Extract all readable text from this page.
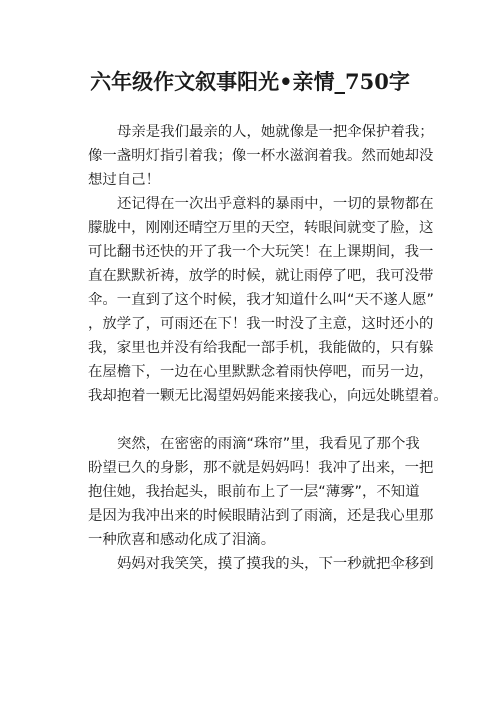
六年级作文叙事阳光•亲情_750字
母亲是我们最亲的人，她就像是一把伞保护着我；
像一盏明灯指引着我；像一杯水滋润着我。然而她却没
想过自己！
还记得在一次出乎意料的暴雨中，一切的景物都在
朦胧中，刚刚还晴空万里的天空，转眼间就变了脸，这
可比翻书还快的开了我一个大玩笑！在上课期间，我一
直在默默祈祷，放学的时候，就让雨停了吧，我可没带
伞。一直到了这个时候，我才知道什么叫“天不遂人愿”
，放学了，可雨还在下！我一时没了主意，这时还小的
我，家里也并没有给我配一部手机，我能做的，只有躲
在屋檐下，一边在心里默默念着雨快停吧，而另一边，
我却抱着一颗无比渴望妈妈能来接我心，向远处眺望着。
突然，在密密的雨滴“珠帘”里，我看见了那个我
盼望已久的身影，那不就是妈妈吗！我冲了出来，一把
抱住她，我抬起头，眼前布上了一层“薄雾”，不知道
是因为我冲出来的时候眼睛沾到了雨滴，还是我心里那
一种欣喜和感动化成了泪滴。
妈妈对我笑笑，摸了摸我的头，下一秒就把伞移到
